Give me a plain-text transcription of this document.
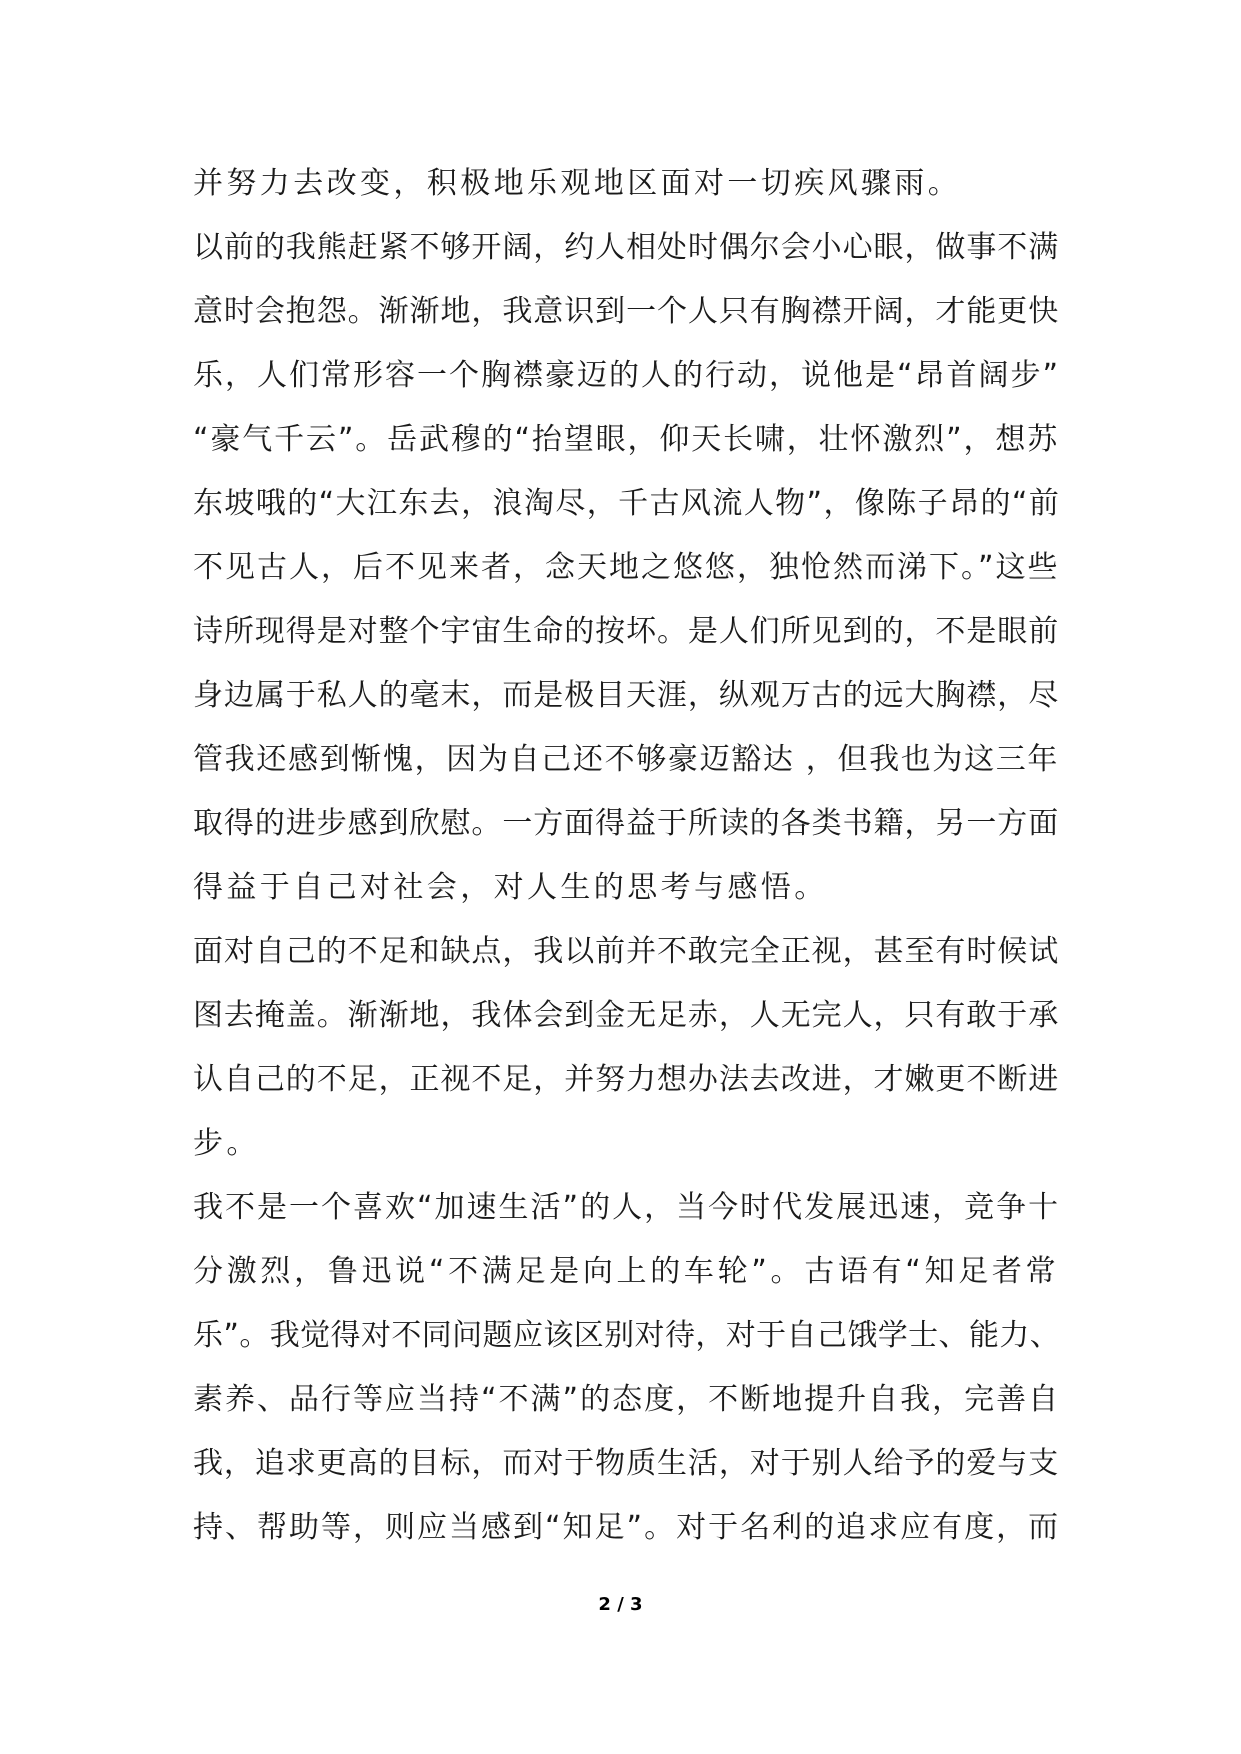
并努力去改变，积极地乐观地区面对一切疾风骤雨。
以前的我熊赶紧不够开阔，约人相处时偶尔会小心眼，做事不满
意时会抱怨。渐渐地，我意识到一个人只有胸襟开阔，才能更快
乐，人们常形容一个胸襟豪迈的人的行动，说他是“昂首阔步”
“豪气千云”。岳武穆的“抬望眼，仰天长啸，壮怀激烈”，想苏
东坡哦的“大江东去，浪淘尽，千古风流人物”，像陈子昂的“前
不见古人，后不见来者，念天地之悠悠，独怆然而涕下。”这些
诗所现得是对整个宇宙生命的按坏。是人们所见到的，不是眼前
身边属于私人的毫末，而是极目天涯，纵观万古的远大胸襟，尽
管我还感到惭愧，因为自己还不够豪迈豁达 ，但我也为这三年
取得的进步感到欣慰。一方面得益于所读的各类书籍，另一方面
得益于自己对社会，对人生的思考与感悟。
面对自己的不足和缺点，我以前并不敢完全正视，甚至有时候试
图去掩盖。渐渐地，我体会到金无足赤，人无完人，只有敢于承
认自己的不足，正视不足，并努力想办法去改进，才嫩更不断进
步。
我不是一个喜欢“加速生活”的人，当今时代发展迅速，竞争十
分激烈，鲁迅说“不满足是向上的车轮”。古语有“知足者常
乐”。我觉得对不同问题应该区别对待，对于自己饿学士、能力、
素养、品行等应当持“不满”的态度，不断地提升自我，完善自
我，追求更高的目标，而对于物质生活，对于别人给予的爱与支
持、帮助等，则应当感到“知足”。对于名利的追求应有度，而
2 / 3
